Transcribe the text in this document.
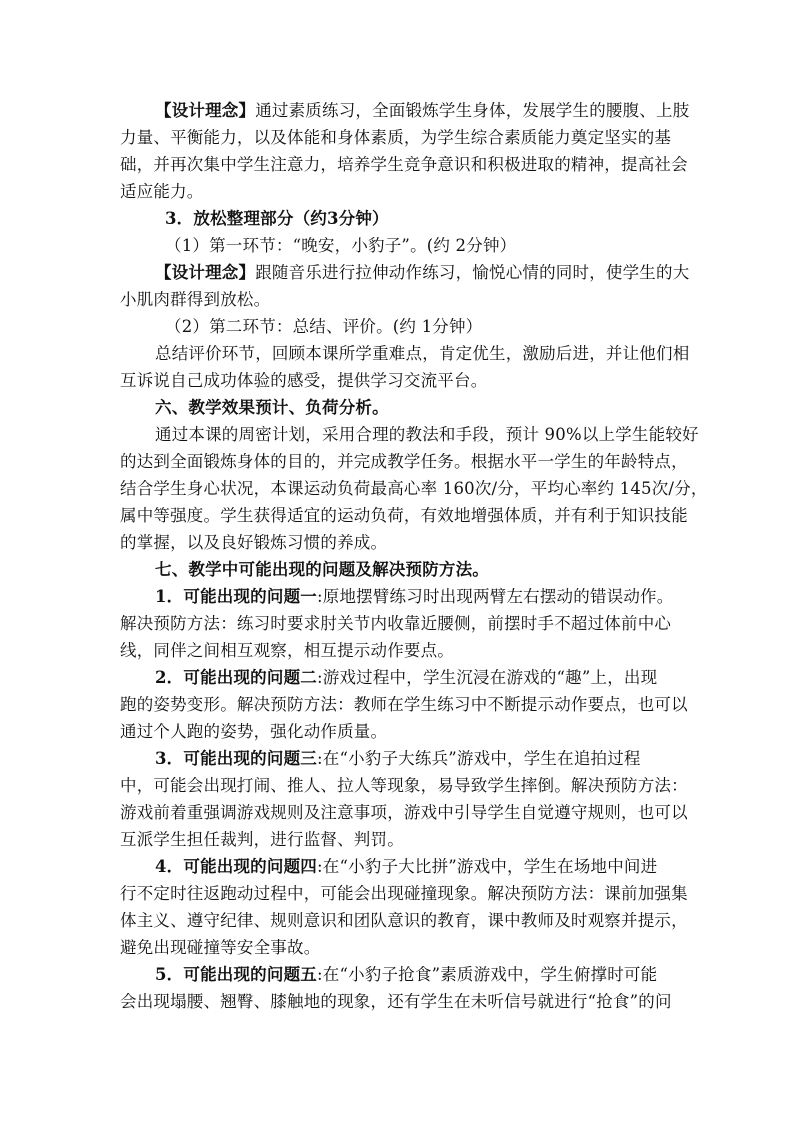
【设计理念】通过素质练习，全面锻炼学生身体，发展学生的腰腹、上肢
力量、平衡能力，以及体能和身体素质，为学生综合素质能力奠定坚实的基
础，并再次集中学生注意力，培养学生竞争意识和积极进取的精神，提高社会
适应能力。
3．放松整理部分（约3分钟）
（1）第一环节：“晚安，小豹子”。(约 2分钟）
【设计理念】跟随音乐进行拉伸动作练习，愉悦心情的同时，使学生的大
小肌肉群得到放松。
（2）第二环节：总结、评价。(约 1分钟）
总结评价环节，回顾本课所学重难点，肯定优生，激励后进，并让他们相
互诉说自己成功体验的感受，提供学习交流平台。
六、教学效果预计、负荷分析。
通过本课的周密计划，采用合理的教法和手段，预计 90%以上学生能较好
的达到全面锻炼身体的目的，并完成教学任务。根据水平一学生的年龄特点，
结合学生身心状况，本课运动负荷最高心率 160次/分，平均心率约 145次/分，
属中等强度。学生获得适宜的运动负荷，有效地增强体质，并有利于知识技能
的掌握，以及良好锻炼习惯的养成。
七、教学中可能出现的问题及解决预防方法。
1．可能出现的问题一:原地摆臂练习时出现两臂左右摆动的错误动作。
解决预防方法：练习时要求肘关节内收靠近腰侧，前摆时手不超过体前中心
线，同伴之间相互观察，相互提示动作要点。
2．可能出现的问题二:游戏过程中，学生沉浸在游戏的“趣”上，出现
跑的姿势变形。解决预防方法：教师在学生练习中不断提示动作要点，也可以
通过个人跑的姿势，强化动作质量。
3．可能出现的问题三:在“小豹子大练兵”游戏中，学生在追拍过程
中，可能会出现打闹、推人、拉人等现象，易导致学生摔倒。解决预防方法：
游戏前着重强调游戏规则及注意事项，游戏中引导学生自觉遵守规则，也可以
互派学生担任裁判，进行监督、判罚。
4．可能出现的问题四:在“小豹子大比拼”游戏中，学生在场地中间进
行不定时往返跑动过程中，可能会出现碰撞现象。解决预防方法：课前加强集
体主义、遵守纪律、规则意识和团队意识的教育，课中教师及时观察并提示，
避免出现碰撞等安全事故。
5．可能出现的问题五:在“小豹子抢食”素质游戏中，学生俯撑时可能
会出现塌腰、翘臀、膝触地的现象，还有学生在未听信号就进行“抢食”的问
